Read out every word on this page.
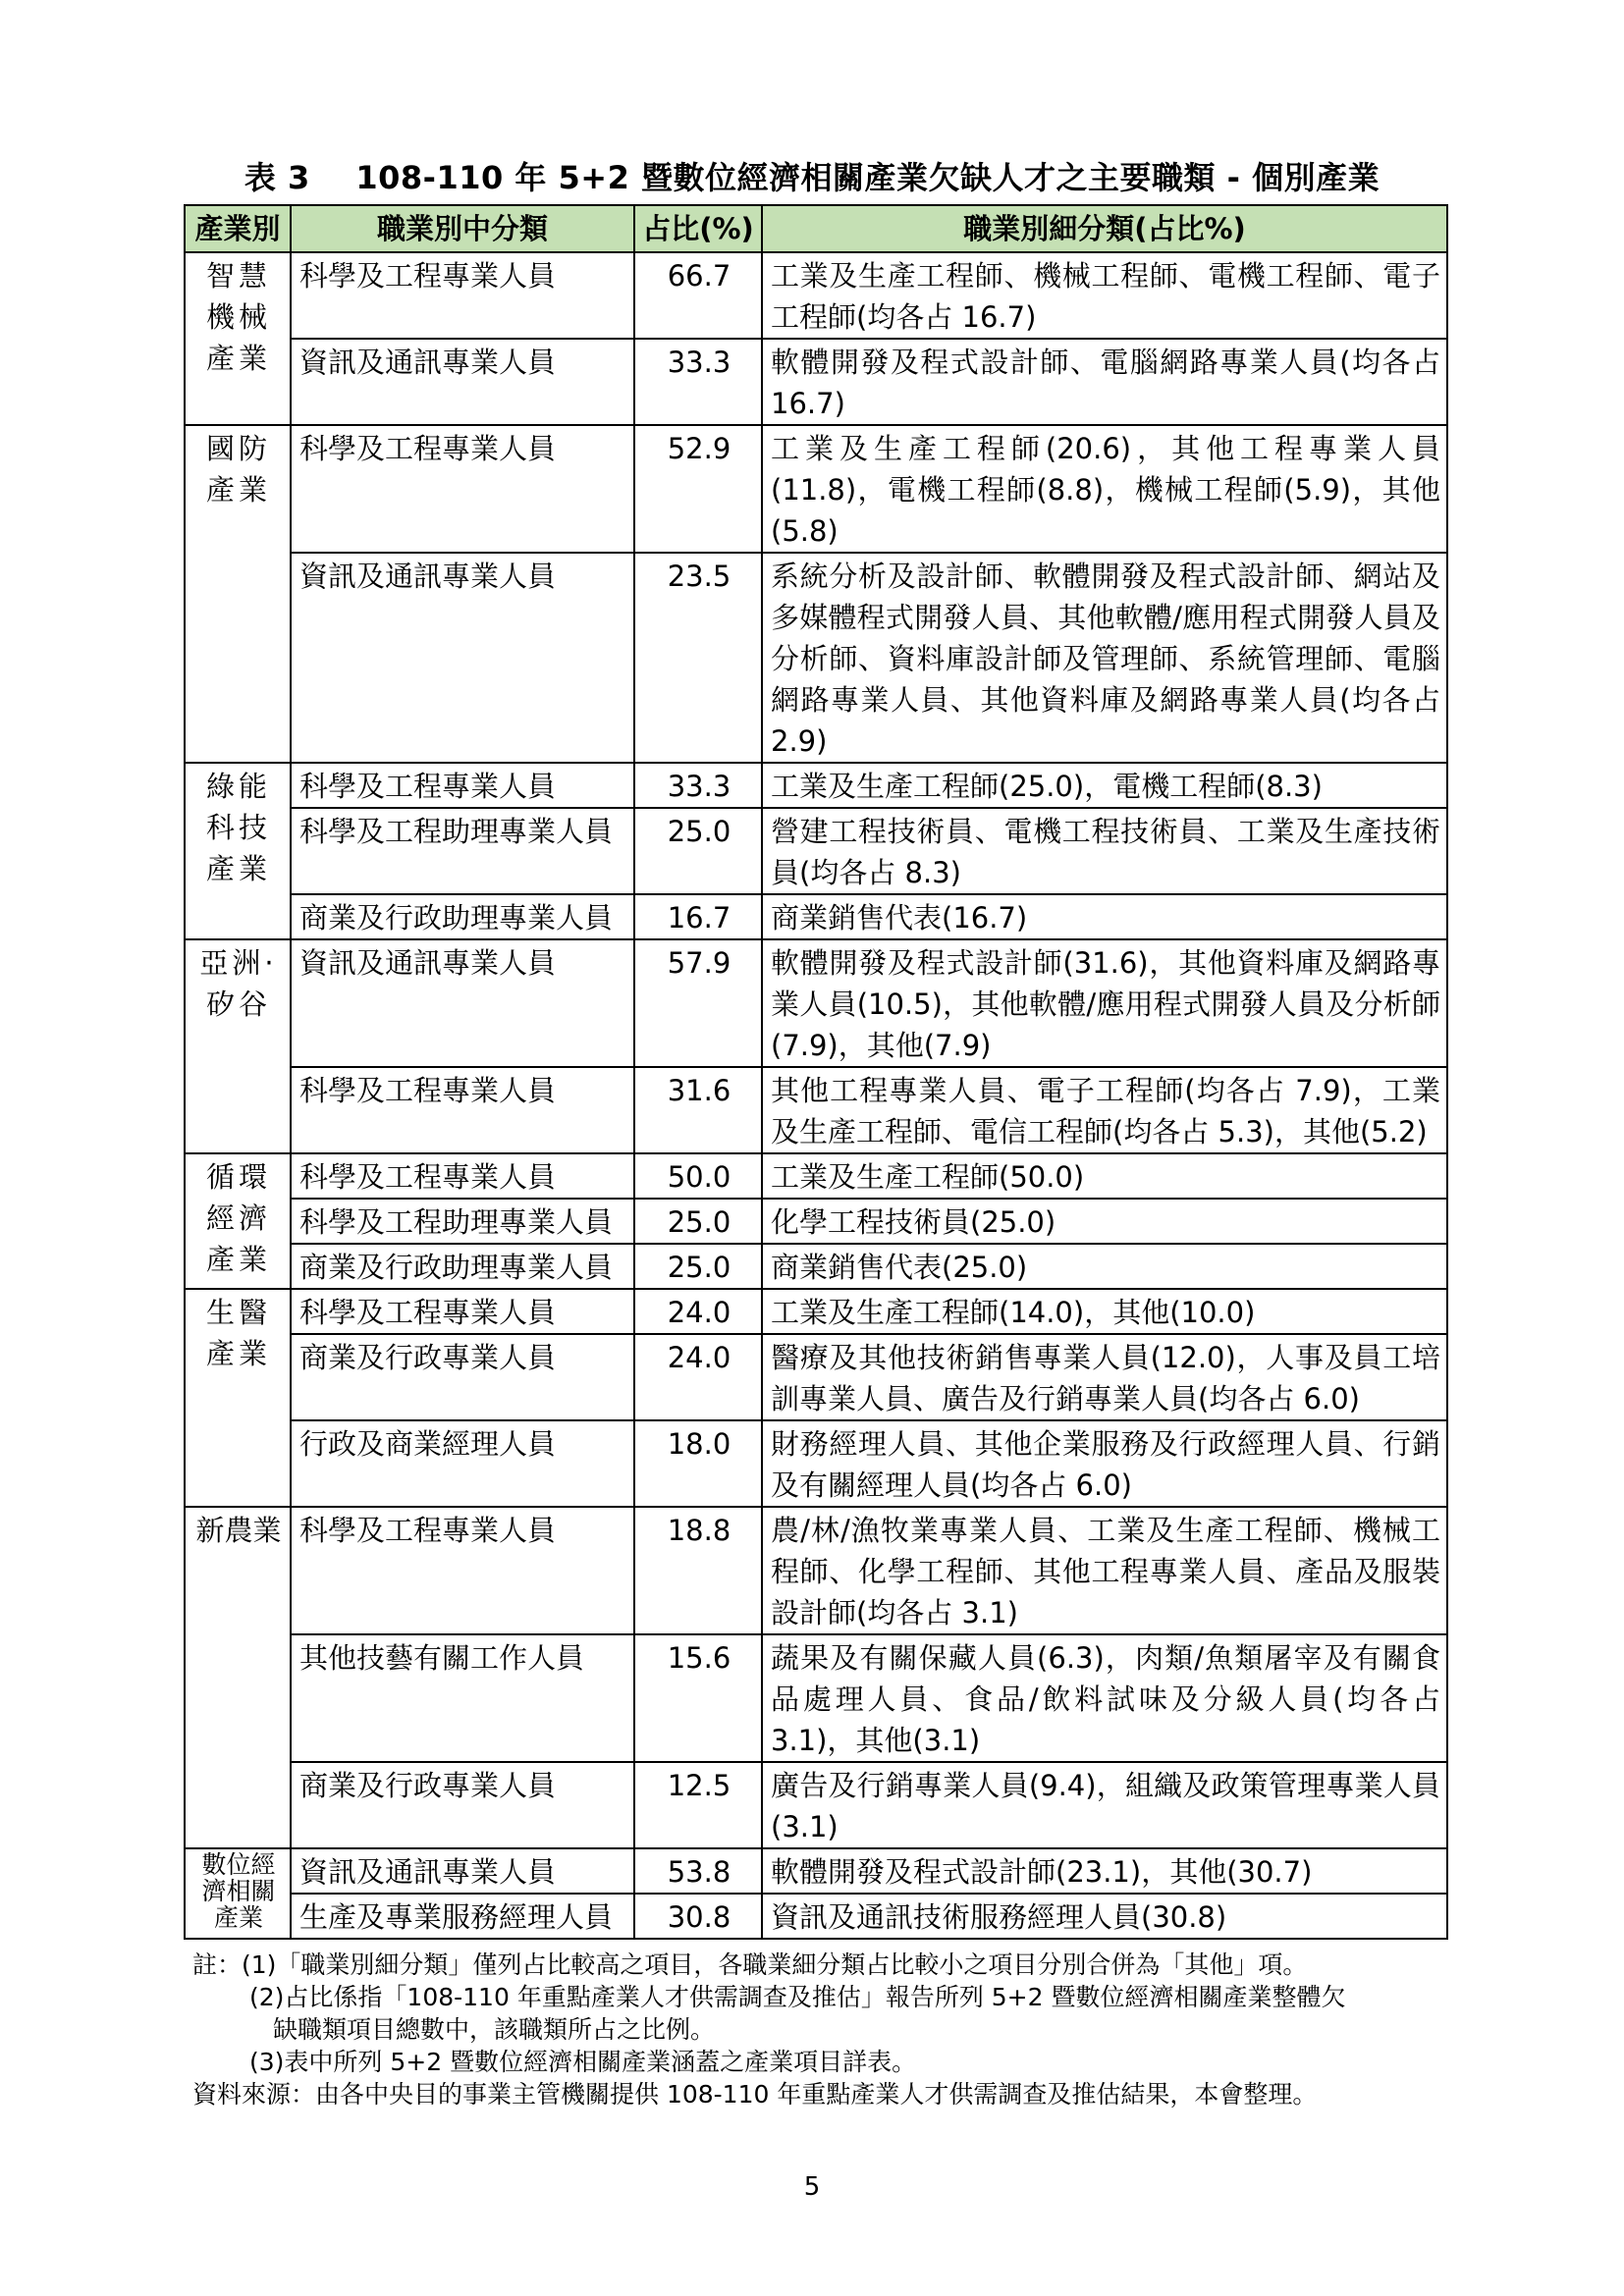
表 3    108-110 年 5+2 暨數位經濟相關產業欠缺人才之主要職類 - 個別產業
產業別	職業別中分類	占比(%)	職業別細分類(占比%)
智慧機械產業	科學及工程專業人員	66.7	工業及生產工程師、機械工程師、電機工程師、電子工程師(均各占 16.7)
	資訊及通訊專業人員	33.3	軟體開發及程式設計師、電腦網路專業人員(均各占 16.7)
國防產業	科學及工程專業人員	52.9	工業及生產工程師(20.6)，其他工程專業人員(11.8)，電機工程師(8.8)，機械工程師(5.9)，其他(5.8)
	資訊及通訊專業人員	23.5	系統分析及設計師、軟體開發及程式設計師、網站及多媒體程式開發人員、其他軟體/應用程式開發人員及分析師、資料庫設計師及管理師、系統管理師、電腦網路專業人員、其他資料庫及網路專業人員(均各占 2.9)
綠能科技產業	科學及工程專業人員	33.3	工業及生產工程師(25.0)，電機工程師(8.3)
	科學及工程助理專業人員	25.0	營建工程技術員、電機工程技術員、工業及生產技術員(均各占 8.3)
	商業及行政助理專業人員	16.7	商業銷售代表(16.7)
亞洲·矽谷	資訊及通訊專業人員	57.9	軟體開發及程式設計師(31.6)，其他資料庫及網路專業人員(10.5)，其他軟體/應用程式開發人員及分析師(7.9)，其他(7.9)
	科學及工程專業人員	31.6	其他工程專業人員、電子工程師(均各占 7.9)，工業及生產工程師、電信工程師(均各占 5.3)，其他(5.2)
循環經濟產業	科學及工程專業人員	50.0	工業及生產工程師(50.0)
	科學及工程助理專業人員	25.0	化學工程技術員(25.0)
	商業及行政助理專業人員	25.0	商業銷售代表(25.0)
生醫產業	科學及工程專業人員	24.0	工業及生產工程師(14.0)，其他(10.0)
	商業及行政專業人員	24.0	醫療及其他技術銷售專業人員(12.0)，人事及員工培訓專業人員、廣告及行銷專業人員(均各占 6.0)
	行政及商業經理人員	18.0	財務經理人員、其他企業服務及行政經理人員、行銷及有關經理人員(均各占 6.0)
新農業	科學及工程專業人員	18.8	農/林/漁牧業專業人員、工業及生產工程師、機械工程師、化學工程師、其他工程專業人員、產品及服裝設計師(均各占 3.1)
	其他技藝有關工作人員	15.6	蔬果及有關保藏人員(6.3)，肉類/魚類屠宰及有關食品處理人員、食品/飲料試味及分級人員(均各占 3.1)，其他(3.1)
	商業及行政專業人員	12.5	廣告及行銷專業人員(9.4)，組織及政策管理專業人員(3.1)
數位經濟相關產業	資訊及通訊專業人員	53.8	軟體開發及程式設計師(23.1)，其他(30.7)
	生產及專業服務經理人員	30.8	資訊及通訊技術服務經理人員(30.8)
註：(1)「職業別細分類」僅列占比較高之項目，各職業細分類占比較小之項目分別合併為「其他」項。
(2)占比係指「108-110 年重點產業人才供需調查及推估」報告所列 5+2 暨數位經濟相關產業整體欠
缺職類項目總數中，該職類所占之比例。
(3)表中所列 5+2 暨數位經濟相關產業涵蓋之產業項目詳表。
資料來源：由各中央目的事業主管機關提供 108-110 年重點產業人才供需調查及推估結果，本會整理。
5
